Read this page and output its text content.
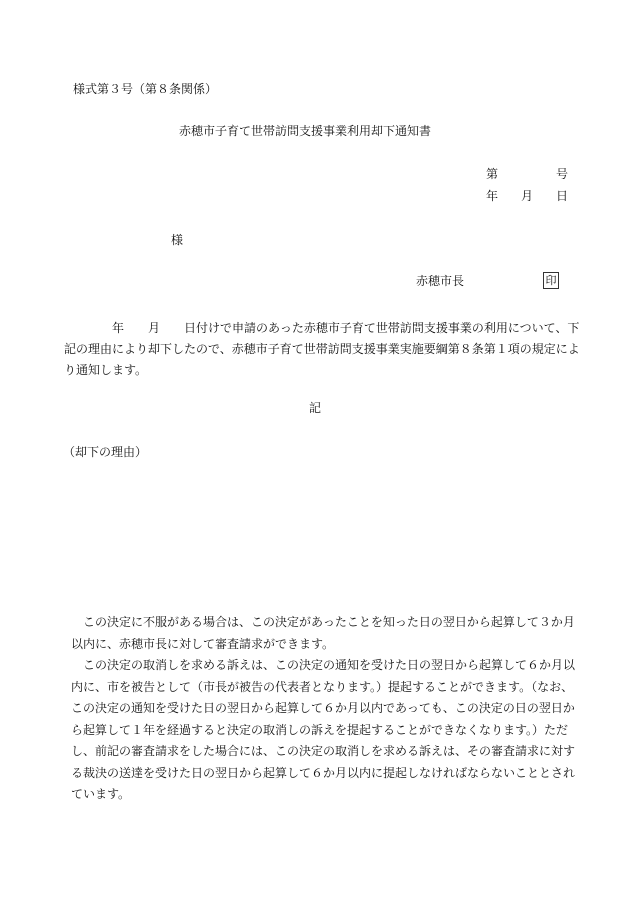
様式第３号（第８条関係）
赤穂市子育て世帯訪問支援事業利用却下通知書
第	号
年 月 日
様
赤穂市長	印
　　　　年　　月　　日付けで申請のあった赤穂市子育て世帯訪問支援事業の利用について、下
記の理由により却下したので、赤穂市子育て世帯訪問支援事業実施要綱第８条第１項の規定によ
り通知します。
記
（却下の理由）
　この決定に不服がある場合は、この決定があったことを知った日の翌日から起算して３か月
以内に、赤穂市長に対して審査請求ができます。
　この決定の取消しを求める訴えは、この決定の通知を受けた日の翌日から起算して６か月以
内に、市を被告として（市長が被告の代表者となります。）提起することができます。（なお、
この決定の通知を受けた日の翌日から起算して６か月以内であっても、この決定の日の翌日か
ら起算して１年を経過すると決定の取消しの訴えを提起することができなくなります。）ただ
し、前記の審査請求をした場合には、この決定の取消しを求める訴えは、その審査請求に対す
る裁決の送達を受けた日の翌日から起算して６か月以内に提起しなければならないこととされ
ています。
